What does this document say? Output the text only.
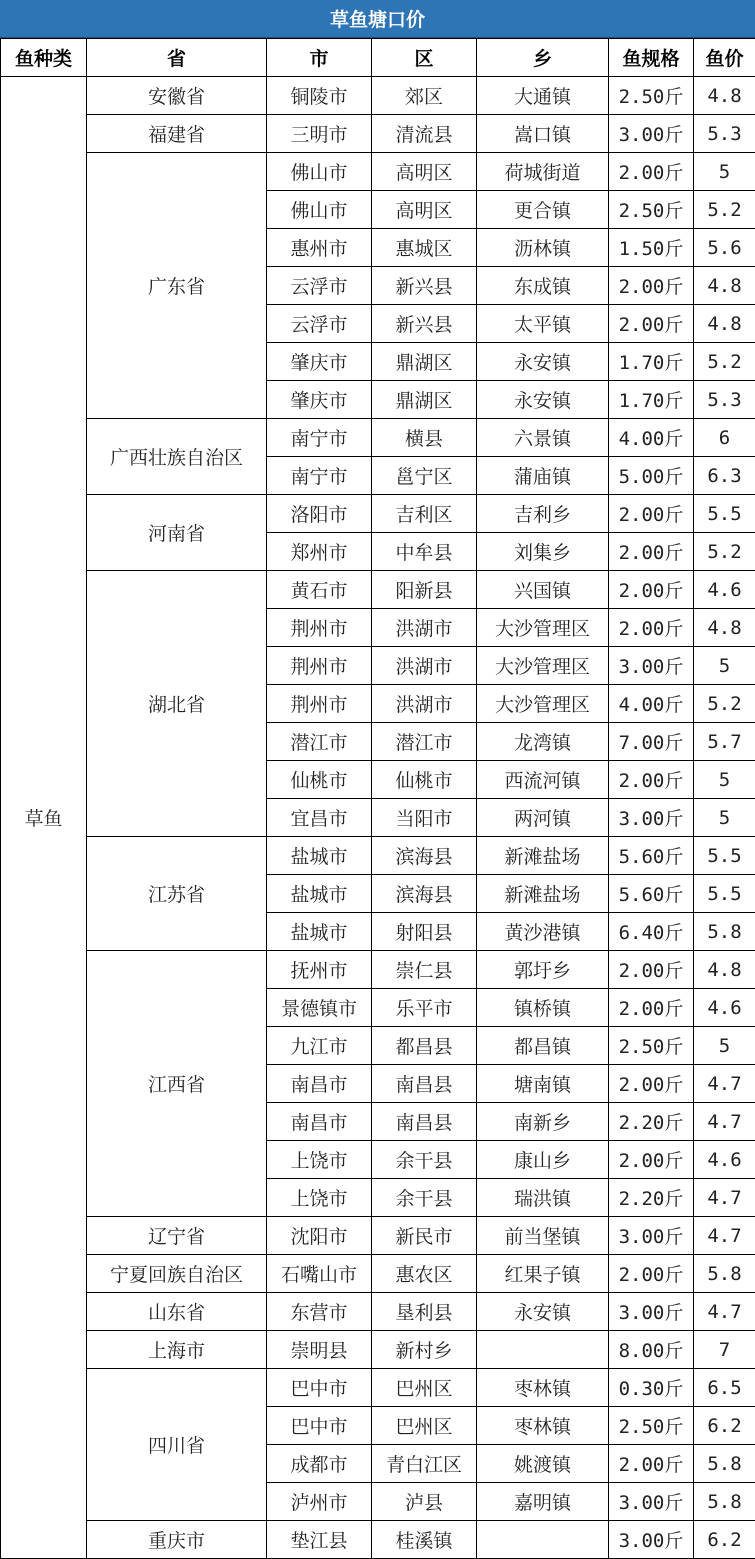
草鱼塘口价
鱼种类	省	市	区	乡	鱼规格	鱼价
草鱼	安徽省	铜陵市	郊区	大通镇	2.50斤	4.8
	福建省	三明市	清流县	嵩口镇	3.00斤	5.3
	广东省	佛山市	高明区	荷城街道	2.00斤	5
		佛山市	高明区	更合镇	2.50斤	5.2
		惠州市	惠城区	沥林镇	1.50斤	5.6
		云浮市	新兴县	东成镇	2.00斤	4.8
		云浮市	新兴县	太平镇	2.00斤	4.8
		肇庆市	鼎湖区	永安镇	1.70斤	5.2
		肇庆市	鼎湖区	永安镇	1.70斤	5.3
	广西壮族自治区	南宁市	横县	六景镇	4.00斤	6
		南宁市	邕宁区	蒲庙镇	5.00斤	6.3
	河南省	洛阳市	吉利区	吉利乡	2.00斤	5.5
		郑州市	中牟县	刘集乡	2.00斤	5.2
	湖北省	黄石市	阳新县	兴国镇	2.00斤	4.6
		荆州市	洪湖市	大沙管理区	2.00斤	4.8
		荆州市	洪湖市	大沙管理区	3.00斤	5
		荆州市	洪湖市	大沙管理区	4.00斤	5.2
		潜江市	潜江市	龙湾镇	7.00斤	5.7
		仙桃市	仙桃市	西流河镇	2.00斤	5
		宜昌市	当阳市	两河镇	3.00斤	5
	江苏省	盐城市	滨海县	新滩盐场	5.60斤	5.5
		盐城市	滨海县	新滩盐场	5.60斤	5.5
		盐城市	射阳县	黄沙港镇	6.40斤	5.8
	江西省	抚州市	崇仁县	郭圩乡	2.00斤	4.8
		景德镇市	乐平市	镇桥镇	2.00斤	4.6
		九江市	都昌县	都昌镇	2.50斤	5
		南昌市	南昌县	塘南镇	2.00斤	4.7
		南昌市	南昌县	南新乡	2.20斤	4.7
		上饶市	余干县	康山乡	2.00斤	4.6
		上饶市	余干县	瑞洪镇	2.20斤	4.7
	辽宁省	沈阳市	新民市	前当堡镇	3.00斤	4.7
	宁夏回族自治区	石嘴山市	惠农区	红果子镇	2.00斤	5.8
	山东省	东营市	垦利县	永安镇	3.00斤	4.7
	上海市	崇明县	新村乡		8.00斤	7
	四川省	巴中市	巴州区	枣林镇	0.30斤	6.5
		巴中市	巴州区	枣林镇	2.50斤	6.2
		成都市	青白江区	姚渡镇	2.00斤	5.8
		泸州市	泸县	嘉明镇	3.00斤	5.8
	重庆市	垫江县	桂溪镇		3.00斤	6.2
